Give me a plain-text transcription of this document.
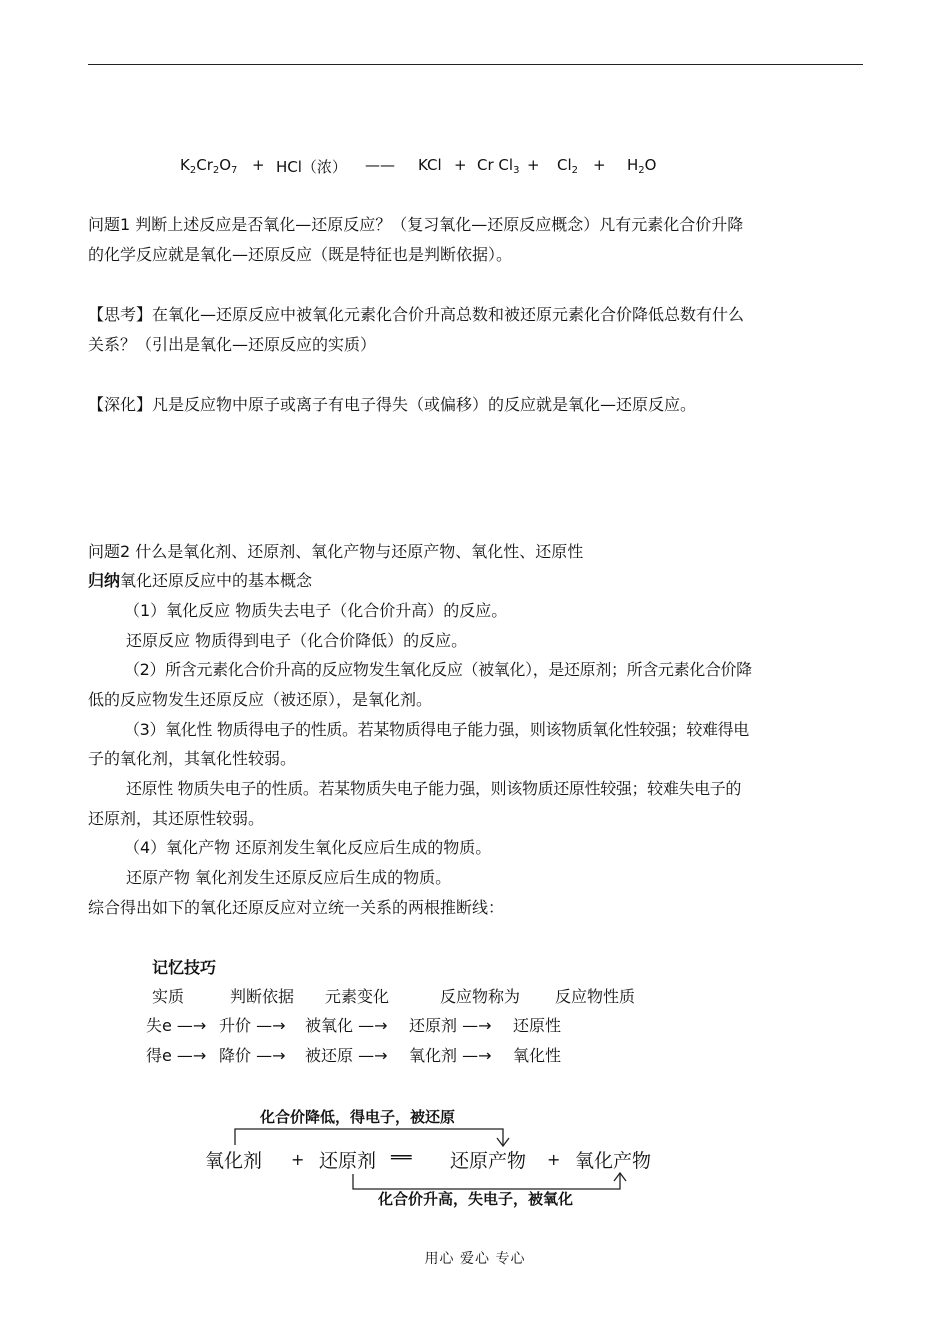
$K_2Cr_2O_7 + HCl$（浓） —— KCl + Cr $Cl_3 + Cl_2 + H_2O$
问题1 判断上述反应是否氧化—还原反应？（复习氧化—还原反应概念）凡有元素化合价升降
的化学反应就是氧化—还原反应（既是特征也是判断依据）。
【思考】在氧化—还原反应中被氧化元素化合价升高总数和被还原元素化合价降低总数有什么
关系？（引出是氧化—还原反应的实质）
【深化】凡是反应物中原子或离子有电子得失（或偏移）的反应就是氧化—还原反应。
问题2 什么是氧化剂、还原剂、氧化产物与还原产物、氧化性、还原性
归纳氧化还原反应中的基本概念
（1）氧化反应 物质失去电子（化合价升高）的反应。
还原反应 物质得到电子（化合价降低）的反应。
（2）所含元素化合价升高的反应物发生氧化反应（被氧化），是还原剂；所含元素化合价降
低的反应物发生还原反应（被还原），是氧化剂。
（3）氧化性 物质得电子的性质。若某物质得电子能力强，则该物质氧化性较强；较难得电
子的氧化剂，其氧化性较弱。
还原性 物质失电子的性质。若某物质失电子能力强，则该物质还原性较强；较难失电子的
还原剂，其还原性较弱。
（4）氧化产物 还原剂发生氧化反应后生成的物质。
还原产物 氧化剂发生还原反应后生成的物质。
综合得出如下的氧化还原反应对立统一关系的两根推断线：
记忆技巧
实质	判断依据 元素变化	反应物称为 反应物性质
失e —→ 升价 —→ 被氧化 —→ 还原剂 —→ 还原性
得e —→ 降价 —→ 被还原 —→ 氧化剂 —→ 氧化性
化合价降低，得电子，被还原
氧化剂 + 还原剂 ══ 还原产物 + 氧化产物
化合价升高，失电子，被氧化
用心 爱心 专心
